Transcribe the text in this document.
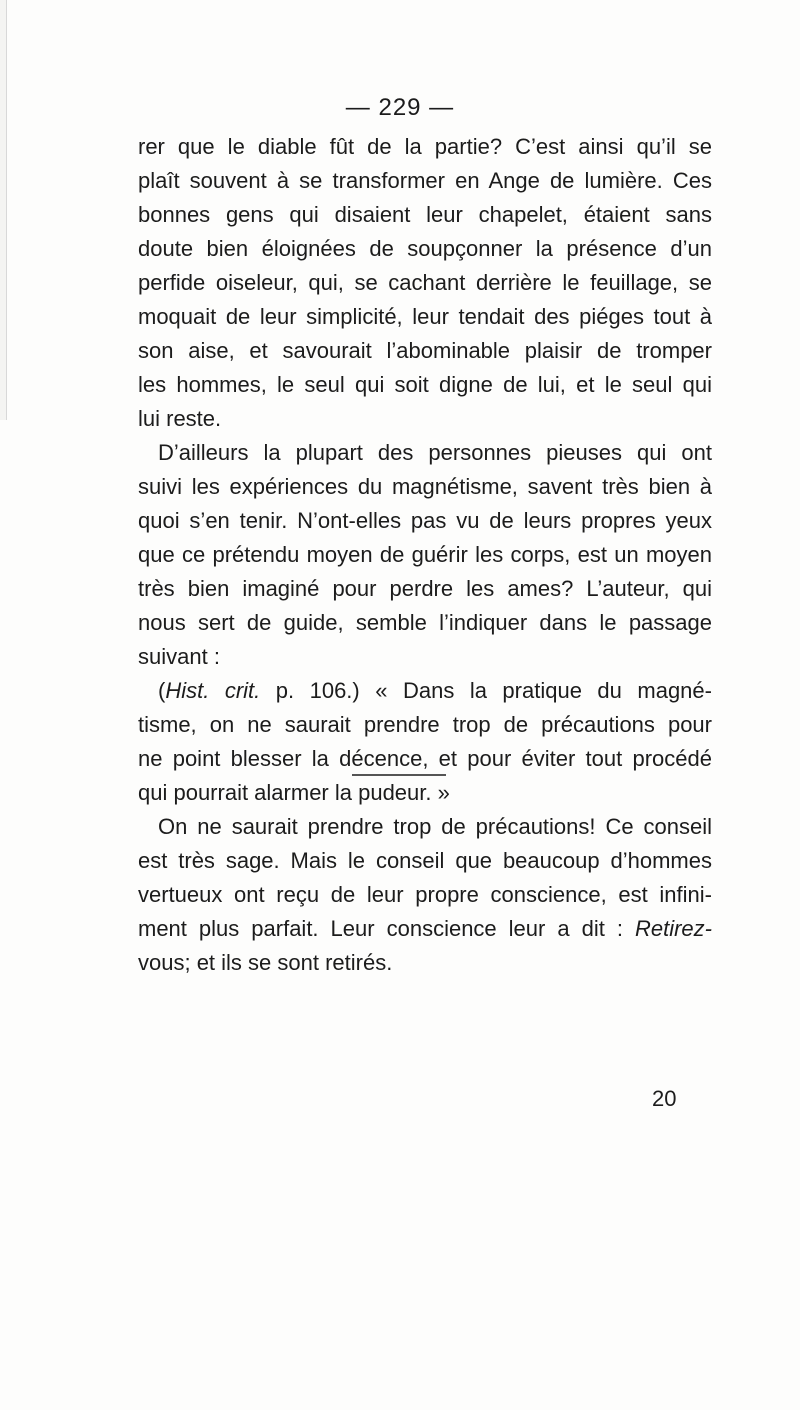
— 229 —
rer que le diable fût de la partie? C’est ainsi qu’il se
plaît souvent à se transformer en Ange de lumière. Ces
bonnes gens qui disaient leur chapelet, étaient sans
doute bien éloignées de soupçonner la présence d’un
perfide oiseleur, qui, se cachant derrière le feuillage, se
moquait de leur simplicité, leur tendait des piéges tout à
son aise, et savourait l’abominable plaisir de tromper
les hommes, le seul qui soit digne de lui, et le seul qui
lui reste.
D’ailleurs la plupart des personnes pieuses qui ont
suivi les expériences du magnétisme, savent très bien à
quoi s’en tenir. N’ont-elles pas vu de leurs propres yeux
que ce prétendu moyen de guérir les corps, est un moyen
très bien imaginé pour perdre les ames? L’auteur, qui
nous sert de guide, semble l’indiquer dans le passage
suivant :
(Hist. crit. p. 106.) « Dans la pratique du magné-
tisme, on ne saurait prendre trop de précautions pour
ne point blesser la décence, et pour éviter tout procédé
qui pourrait alarmer la pudeur. »
On ne saurait prendre trop de précautions! Ce conseil
est très sage. Mais le conseil que beaucoup d’hommes
vertueux ont reçu de leur propre conscience, est infini-
ment plus parfait. Leur conscience leur a dit : Retirez-
vous; et ils se sont retirés.
20
